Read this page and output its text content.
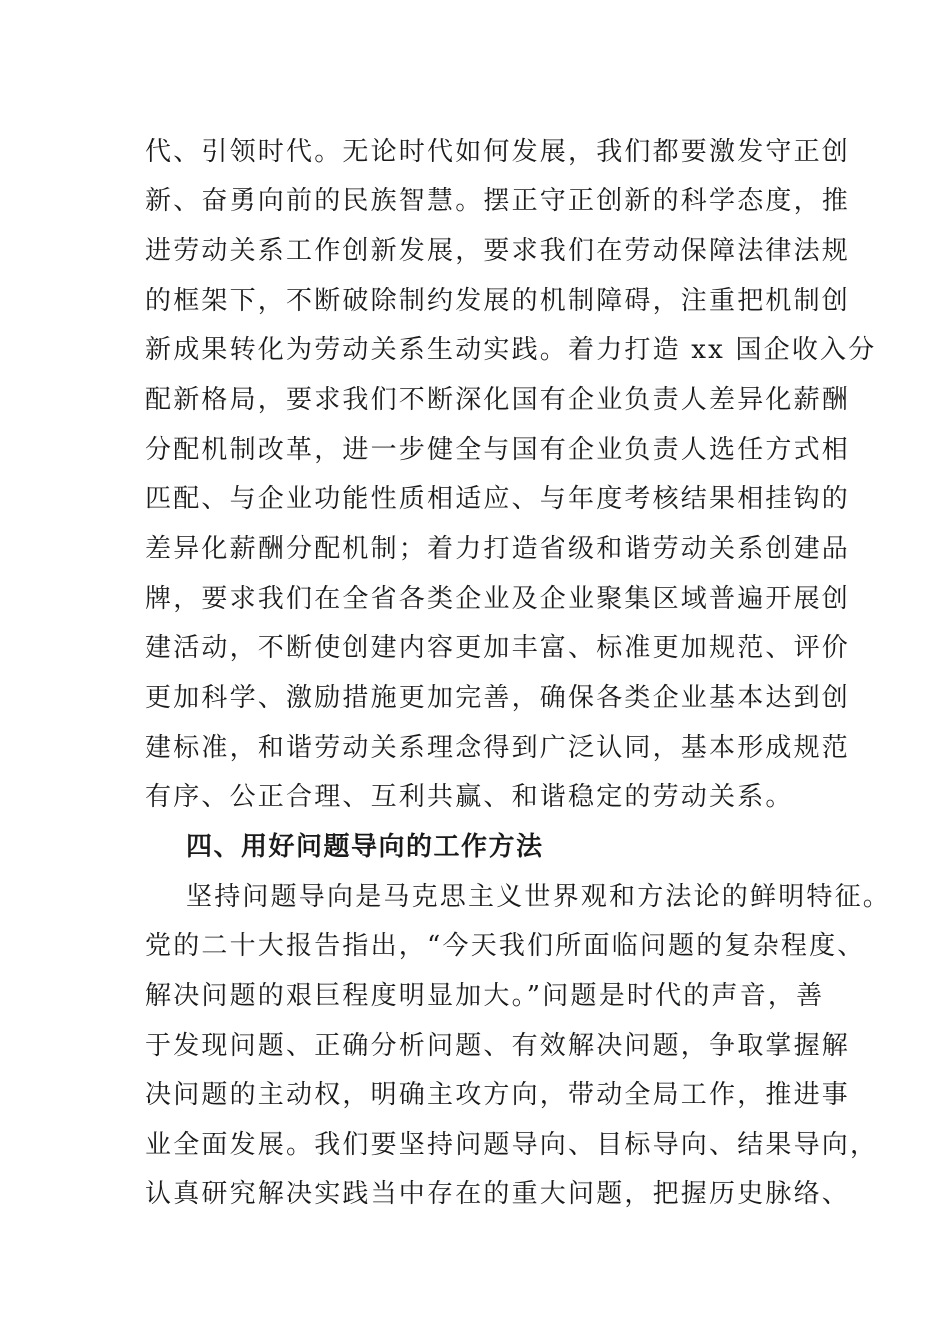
代、引领时代。无论时代如何发展，我们都要激发守正创

新、奋勇向前的民族智慧。摆正守正创新的科学态度，推

进劳动关系工作创新发展，要求我们在劳动保障法律法规

的框架下，不断破除制约发展的机制障碍，注重把机制创

新成果转化为劳动关系生动实践。着力打造 xx 国企收入分

配新格局，要求我们不断深化国有企业负责人差异化薪酬

分配机制改革，进一步健全与国有企业负责人选任方式相

匹配、与企业功能性质相适应、与年度考核结果相挂钩的

差异化薪酬分配机制；着力打造省级和谐劳动关系创建品

牌，要求我们在全省各类企业及企业聚集区域普遍开展创

建活动，不断使创建内容更加丰富、标准更加规范、评价

更加科学、激励措施更加完善，确保各类企业基本达到创

建标准，和谐劳动关系理念得到广泛认同，基本形成规范

有序、公正合理、互利共赢、和谐稳定的劳动关系。

四、用好问题导向的工作方法

坚持问题导向是马克思主义世界观和方法论的鲜明特征。

党的二十大报告指出，“今天我们所面临问题的复杂程度、

解决问题的艰巨程度明显加大。”问题是时代的声音，善

于发现问题、正确分析问题、有效解决问题，争取掌握解

决问题的主动权，明确主攻方向，带动全局工作，推进事

业全面发展。我们要坚持问题导向、目标导向、结果导向，

认真研究解决实践当中存在的重大问题，把握历史脉络、
